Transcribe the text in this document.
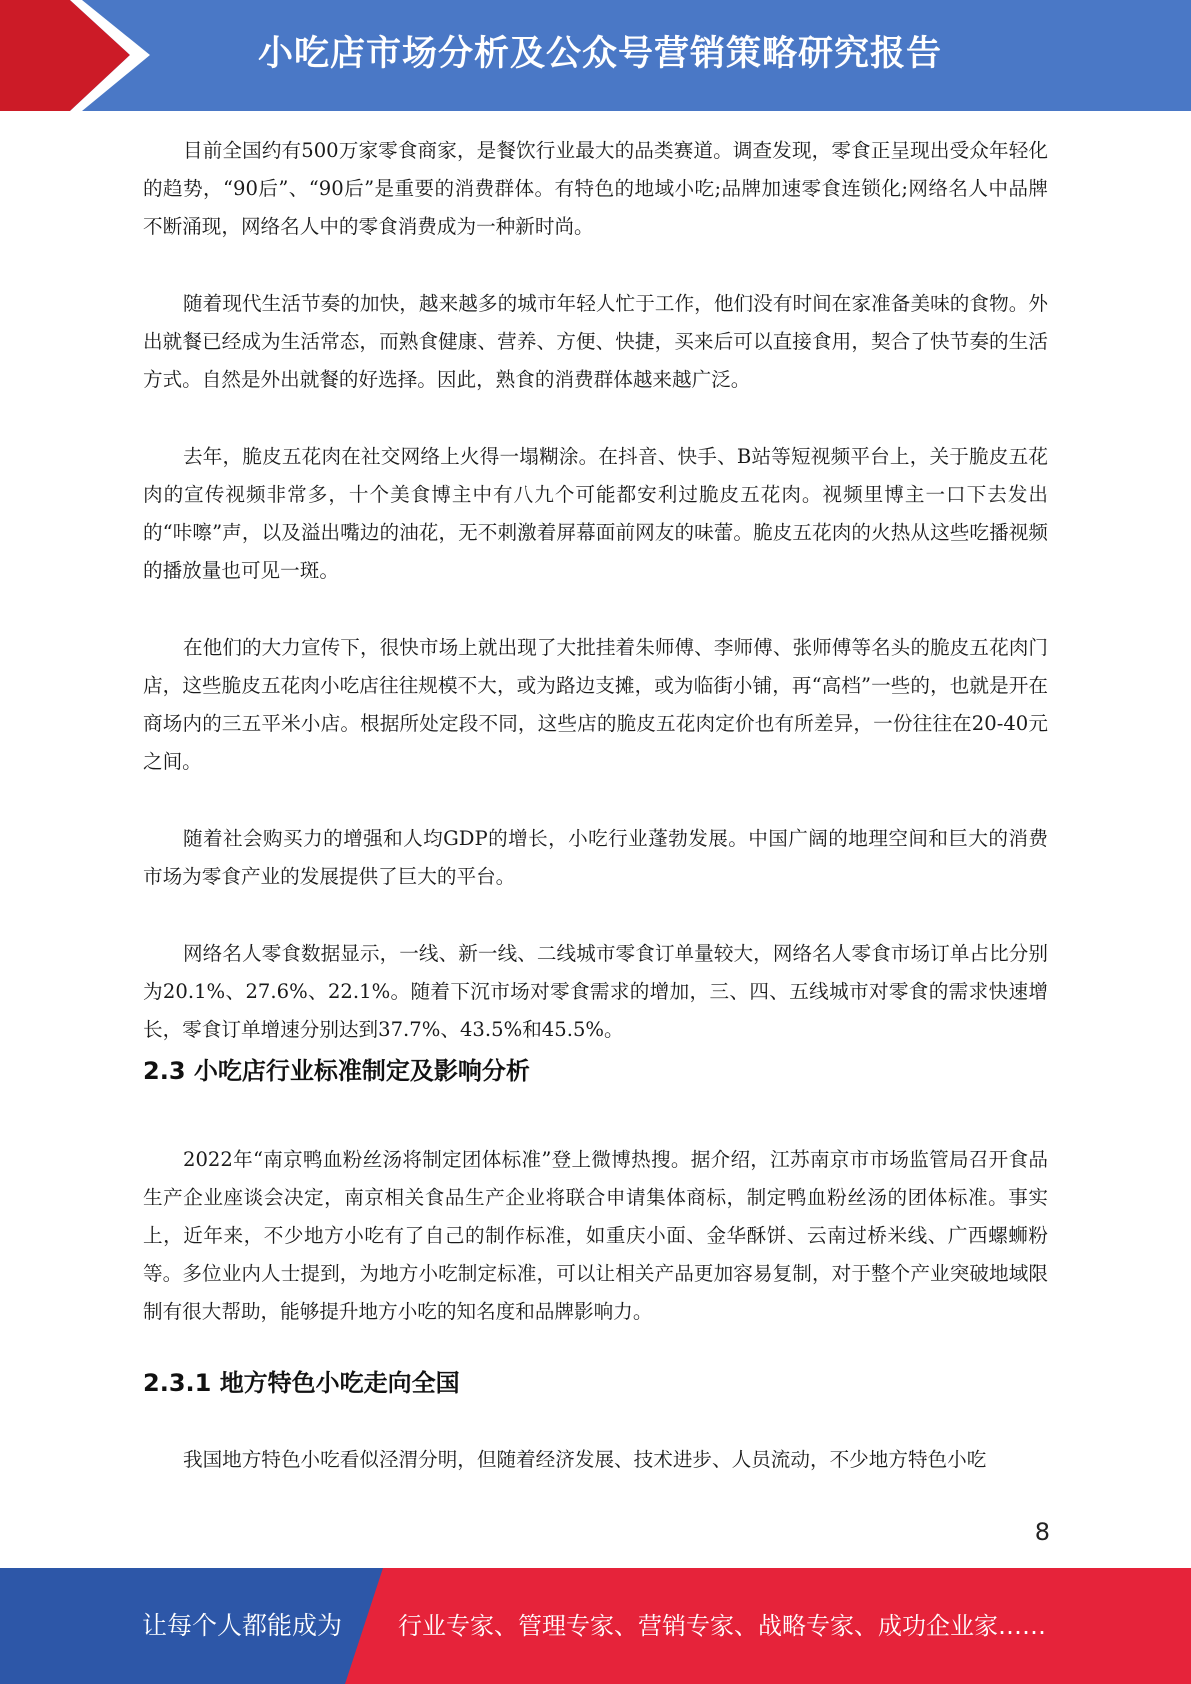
小吃店市场分析及公众号营销策略研究报告

目前全国约有500万家零食商家，是餐饮行业最大的品类赛道。调查发现，零食正呈现出受众年轻化的趋势，“90后”、“90后”是重要的消费群体。有特色的地域小吃;品牌加速零食连锁化;网络名人中品牌不断涌现，网络名人中的零食消费成为一种新时尚。

随着现代生活节奏的加快，越来越多的城市年轻人忙于工作，他们没有时间在家准备美味的食物。外出就餐已经成为生活常态，而熟食健康、营养、方便、快捷，买来后可以直接食用，契合了快节奏的生活方式。自然是外出就餐的好选择。因此，熟食的消费群体越来越广泛。

去年，脆皮五花肉在社交网络上火得一塌糊涂。在抖音、快手、B站等短视频平台上，关于脆皮五花肉的宣传视频非常多，十个美食博主中有八九个可能都安利过脆皮五花肉。视频里博主一口下去发出的“咔嚓”声，以及溢出嘴边的油花，无不刺激着屏幕面前网友的味蕾。脆皮五花肉的火热从这些吃播视频的播放量也可见一斑。

在他们的大力宣传下，很快市场上就出现了大批挂着朱师傅、李师傅、张师傅等名头的脆皮五花肉门店，这些脆皮五花肉小吃店往往规模不大，或为路边支摊，或为临街小铺，再“高档”一些的，也就是开在商场内的三五平米小店。根据所处定段不同，这些店的脆皮五花肉定价也有所差异，一份往往在20-40元之间。

随着社会购买力的增强和人均GDP的增长，小吃行业蓬勃发展。中国广阔的地理空间和巨大的消费市场为零食产业的发展提供了巨大的平台。

网络名人零食数据显示，一线、新一线、二线城市零食订单量较大，网络名人零食市场订单占比分别为20.1%、27.6%、22.1%。随着下沉市场对零食需求的增加，三、四、五线城市对零食的需求快速增长，零食订单增速分别达到37.7%、43.5%和45.5%。

2.3 小吃店行业标准制定及影响分析

2022年“南京鸭血粉丝汤将制定团体标准”登上微博热搜。据介绍，江苏南京市市场监管局召开食品生产企业座谈会决定，南京相关食品生产企业将联合申请集体商标，制定鸭血粉丝汤的团体标准。事实上，近年来，不少地方小吃有了自己的制作标准，如重庆小面、金华酥饼、云南过桥米线、广西螺蛳粉等。多位业内人士提到，为地方小吃制定标准，可以让相关产品更加容易复制，对于整个产业突破地域限制有很大帮助，能够提升地方小吃的知名度和品牌影响力。

2.3.1 地方特色小吃走向全国

我国地方特色小吃看似泾渭分明，但随着经济发展、技术进步、人员流动，不少地方特色小吃

8
让每个人都能成为 行业专家、管理专家、营销专家、战略专家、成功企业家……
